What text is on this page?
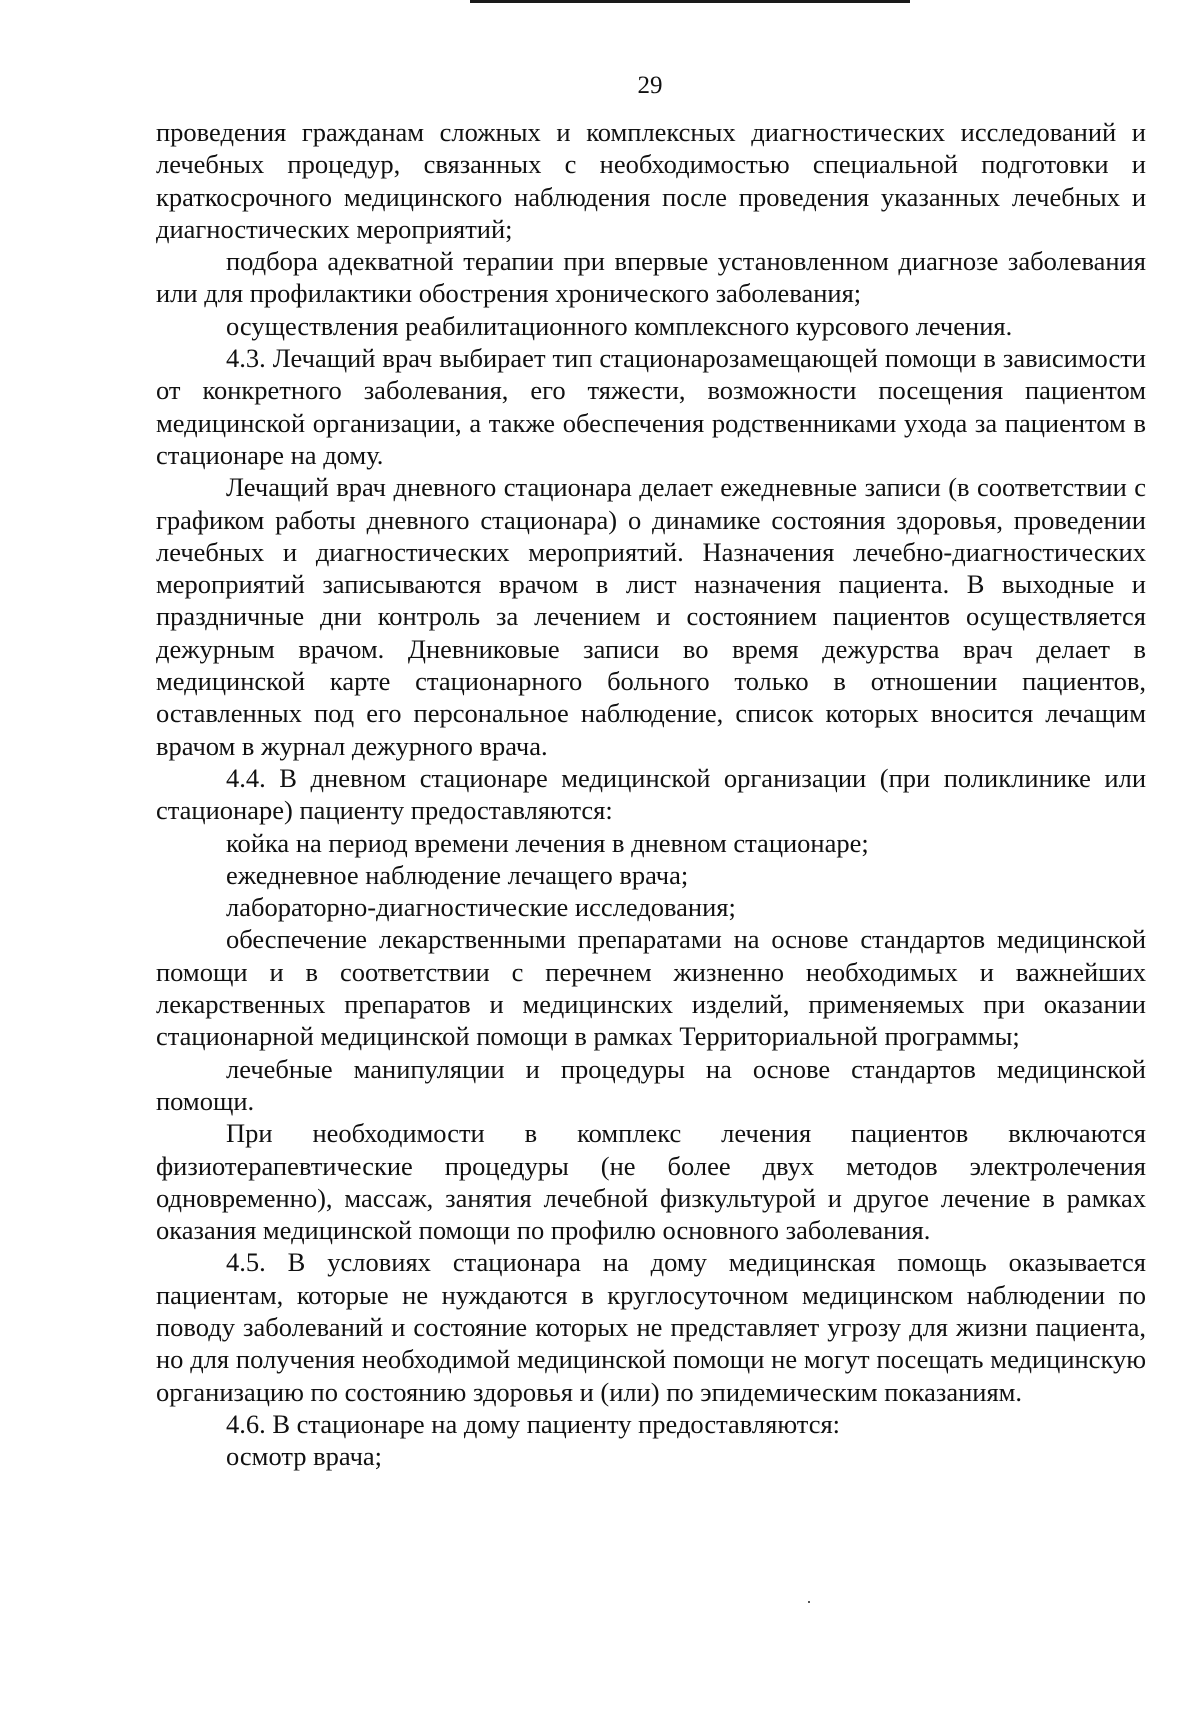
29

проведения гражданам сложных и комплексных диагностических исследований и лечебных процедур, связанных с необходимостью специальной подготовки и краткосрочного медицинского наблюдения после проведения указанных лечебных и диагностических мероприятий;

подбора адекватной терапии при впервые установленном диагнозе заболевания или для профилактики обострения хронического заболевания;

осуществления реабилитационного комплексного курсового лечения.

4.3. Лечащий врач выбирает тип стационарозамещающей помощи в зависимости от конкретного заболевания, его тяжести, возможности посещения пациентом медицинской организации, а также обеспечения родственниками ухода за пациентом в стационаре на дому.

Лечащий врач дневного стационара делает ежедневные записи (в соответствии с графиком работы дневного стационара) о динамике состояния здоровья, проведении лечебных и диагностических мероприятий. Назначения лечебно-диагностических мероприятий записываются врачом в лист назначения пациента. В выходные и праздничные дни контроль за лечением и состоянием пациентов осуществляется дежурным врачом. Дневниковые записи во время дежурства врач делает в медицинской карте стационарного больного только в отношении пациентов, оставленных под его персональное наблюдение, список которых вносится лечащим врачом в журнал дежурного врача.

4.4. В дневном стационаре медицинской организации (при поликлинике или стационаре) пациенту предоставляются:

койка на период времени лечения в дневном стационаре;

ежедневное наблюдение лечащего врача;

лабораторно-диагностические исследования;

обеспечение лекарственными препаратами на основе стандартов медицинской помощи и в соответствии с перечнем жизненно необходимых и важнейших лекарственных препаратов и медицинских изделий, применяемых при оказании стационарной медицинской помощи в рамках Территориальной программы;

лечебные манипуляции и процедуры на основе стандартов медицинской помощи.

При необходимости в комплекс лечения пациентов включаются физиотерапевтические процедуры (не более двух методов электролечения одновременно), массаж, занятия лечебной физкультурой и другое лечение в рамках оказания медицинской помощи по профилю основного заболевания.

4.5. В условиях стационара на дому медицинская помощь оказывается пациентам, которые не нуждаются в круглосуточном медицинском наблюдении по поводу заболеваний и состояние которых не представляет угрозу для жизни пациента, но для получения необходимой медицинской помощи не могут посещать медицинскую организацию по состоянию здоровья и (или) по эпидемическим показаниям.

4.6. В стационаре на дому пациенту предоставляются:

осмотр врача;
